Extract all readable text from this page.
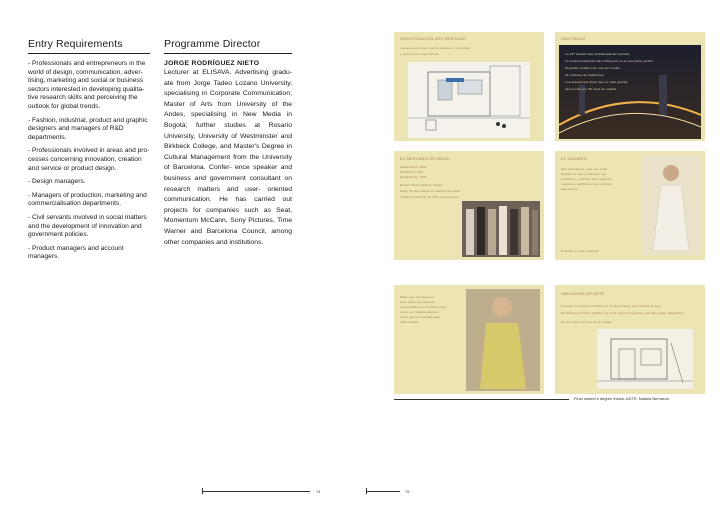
Entry Requirements
- Professionals and entrepreneurs in the world of design, communication, adver- tising, marketing and social or business sectors interested in developing qualita- tive research skills and perceiving the outlook for global trends.
- Fashion, industrial, product and graphic designers and managers of R&D departments.
- Professionals involved in areas and pro- cesses concerning innovation, creation and service or product design.
- Design managers.
- Managers of production, marketing and commercialisation departments.
- Civil servants involved in social matters and the development of innovation and government policies.
- Product managers and account managers.
Programme Director
JORGE RODRÍGUEZ NIETO
Lecturer at ELISAVA. Advertising gradu- ate from Jorge Tadeo Lozano University, specialising in Corporate Communication; Master of Arts from University of the Andes, specialising in New Media in Bogotá; further studies at Rosario University, University of Westminster and Birkbeck College, and Master's Degree in Cultural Management from the University of Barcelona. Confer- ence speaker and business and government consultant on research matters and user- oriented communication. He has carried out projects for companies such as Seat, Momentum McCann, Sony Pictures, Time Warner and Barcelona Council, among other companies and institutions.
74
INVESTIGACIÓN DEL MERCADO
Las que aún viven mucho tiempo en la ciudad
y quieren ser importantes.
SAO PAULO
La 19ª ciudad más globalizada del planeta
La ciudad brasileña más influyente en el escenario global
Segunda ciudad más rica del mundo
11 millones de habitantes
Los arquitectos dicen que es más grande
del mundo son 50 tipos de ciudad
EL MERCADO DE MODA:
Facturación: 69%
Población: 40%
Exportación: 45%
El Sao Paulo Fashion Week
Mejor 5a del mundo en diseño de moda
Tiende al fabricar de 150 mil personas
EL USUARIO
Son voluntarios, que van a las
tiendas de lujo y compran sus
productos y quieren que tenga en
cuenta su calidad en las compras
que hacen.
Estética en sus compras
Mujer que los mujeres
ellos parte de pequeño
compartidas con lo autonomía,
como ser independientes,
como son la creación para
cada estado.
UBICACIÓN DE ADTÉ
La sede en el barrio Jardins es en Sao Paulo, con tiendas de lujo.
Situada en el barrio Jardins, la zona más cosmopolita y de alto poder adquisitivo.
En las calles de lujo de la ciudad.
Final master's degree thesis: ADTÉ. Natalia Bernardo.
75
